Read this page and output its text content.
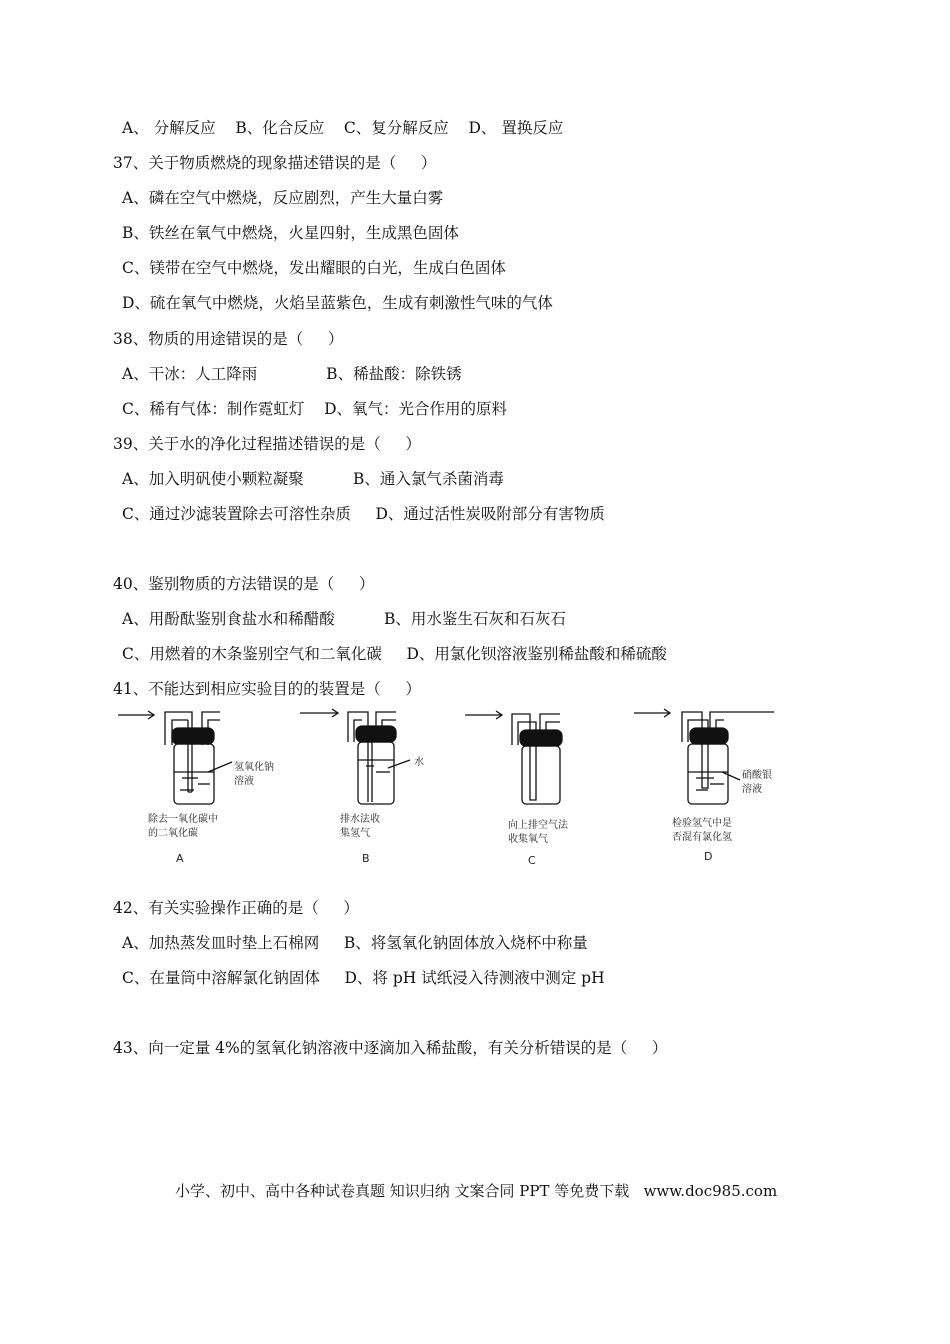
A、 分解反应    B、化合反应    C、复分解反应    D、 置换反应
37、关于物质燃烧的现象描述错误的是（     ）
A、磷在空气中燃烧，反应剧烈，产生大量白雾
B、铁丝在氧气中燃烧，火星四射，生成黑色固体
C、镁带在空气中燃烧，发出耀眼的白光，生成白色固体
D、硫在氧气中燃烧，火焰呈蓝紫色，生成有刺激性气味的气体
38、物质的用途错误的是（     ）
A、干冰：人工降雨              B、稀盐酸：除铁锈
C、稀有气体：制作霓虹灯    D、氧气：光合作用的原料
39、关于水的净化过程描述错误的是（     ）
A、加入明矾使小颗粒凝聚          B、通入氯气杀菌消毒
C、通过沙滤装置除去可溶性杂质     D、通过活性炭吸附部分有害物质
40、鉴别物质的方法错误的是（     ）
A、用酚酞鉴别食盐水和稀醋酸          B、用水鉴生石灰和石灰石
C、用燃着的木条鉴别空气和二氧化碳     D、用氯化钡溶液鉴别稀盐酸和稀硫酸
41、不能达到相应实验目的的装置是（     ）
氢氧化钠
溶液
除去一氧化碳中
的二氧化碳
A
水
排水法收
集氢气
B
向上排空气法
收集氧气
C
硝酸银
溶液
检验氢气中是
否混有氯化氢
D
42、有关实验操作正确的是（     ）
A、加热蒸发皿时垫上石棉网     B、将氢氧化钠固体放入烧杯中称量
C、在量筒中溶解氯化钠固体     D、将 pH 试纸浸入待测液中测定 pH
43、向一定量 4%的氢氧化钠溶液中逐滴加入稀盐酸，有关分析错误的是（     ）
小学、初中、高中各种试卷真题 知识归纳 文案合同 PPT 等免费下载   www.doc985.com
